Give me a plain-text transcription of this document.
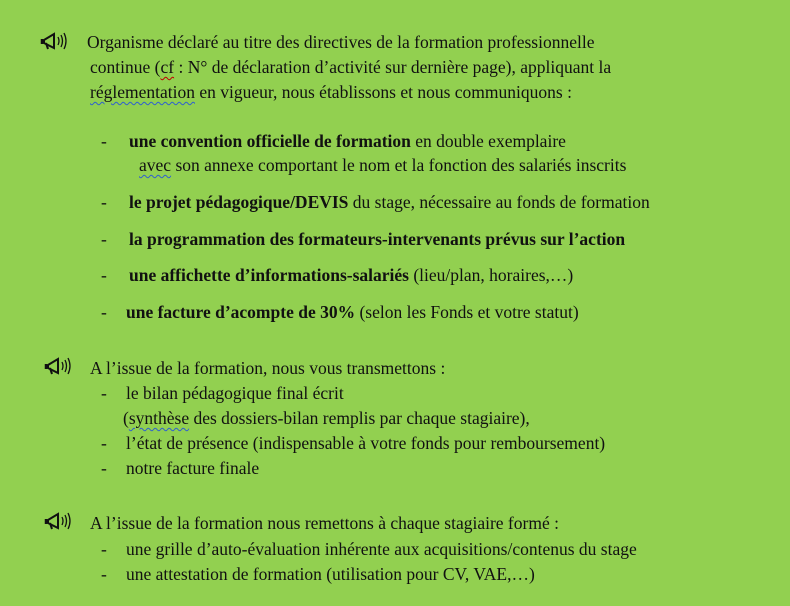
Organisme déclaré au titre des directives de la formation professionnelle
continue (cf : N° de déclaration d’activité sur dernière page), appliquant la
réglementation en vigueur, nous établissons et nous communiquons :
- une convention officielle de formation en double exemplaire
avec son annexe comportant le nom et la fonction des salariés inscrits
- le projet pédagogique/DEVIS du stage, nécessaire au fonds de formation
- la programmation des formateurs-intervenants prévus sur l’action
- une affichette d’informations-salariés (lieu/plan, horaires,…)
- une facture d’acompte de 30% (selon les Fonds et votre statut)
A l’issue de la formation, nous vous transmettons :
- le bilan pédagogique final écrit
(synthèse des dossiers-bilan remplis par chaque stagiaire),
- l’état de présence (indispensable à votre fonds pour remboursement)
- notre facture finale
A l’issue de la formation nous remettons à chaque stagiaire formé :
- une grille d’auto-évaluation inhérente aux acquisitions/contenus du stage
- une attestation de formation (utilisation pour CV, VAE,…)
